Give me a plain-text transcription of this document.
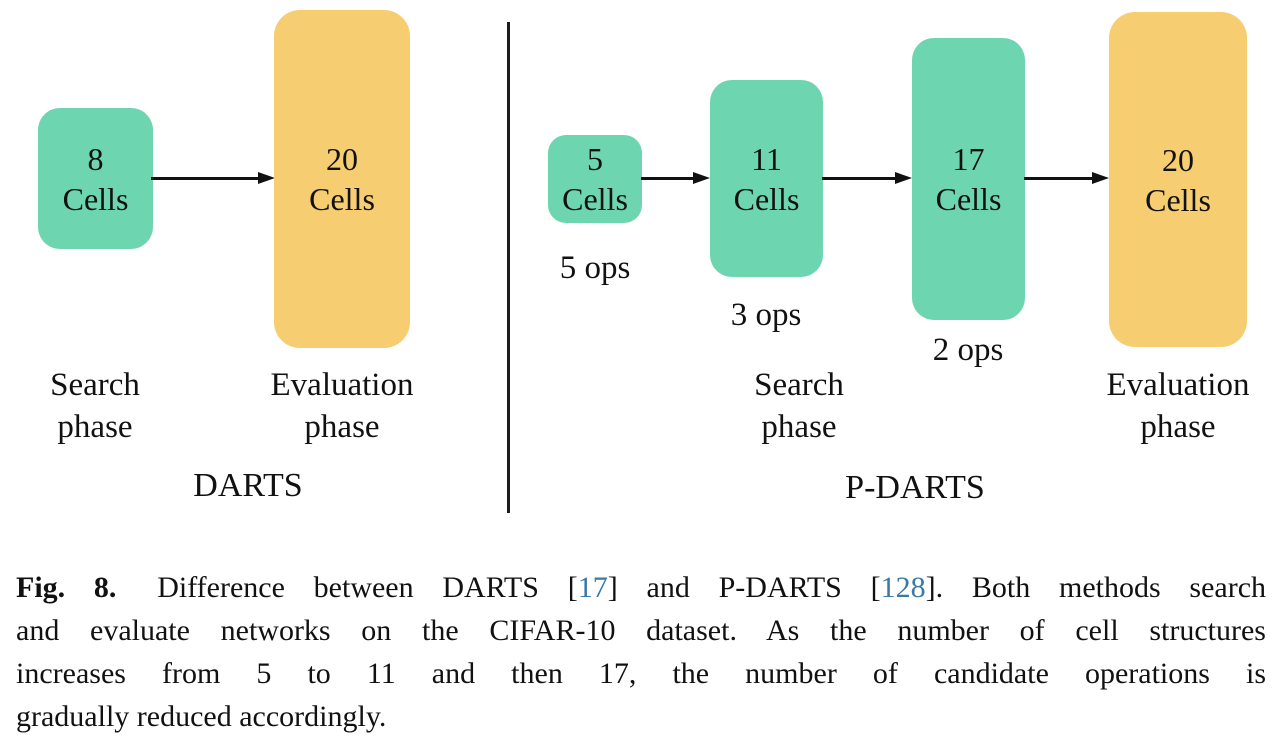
8
Cells
20
Cells
Search
phase
Evaluation
phase
DARTS
5
Cells
5 ops
11
Cells
3 ops
17
Cells
2 ops
20
Cells
Search
phase
Evaluation
phase
P-DARTS
Fig. 8. Difference between DARTS [17] and P-DARTS [128]. Both methods search
and evaluate networks on the CIFAR-10 dataset. As the number of cell structures
increases from 5 to 11 and then 17, the number of candidate operations is
gradually reduced accordingly.
